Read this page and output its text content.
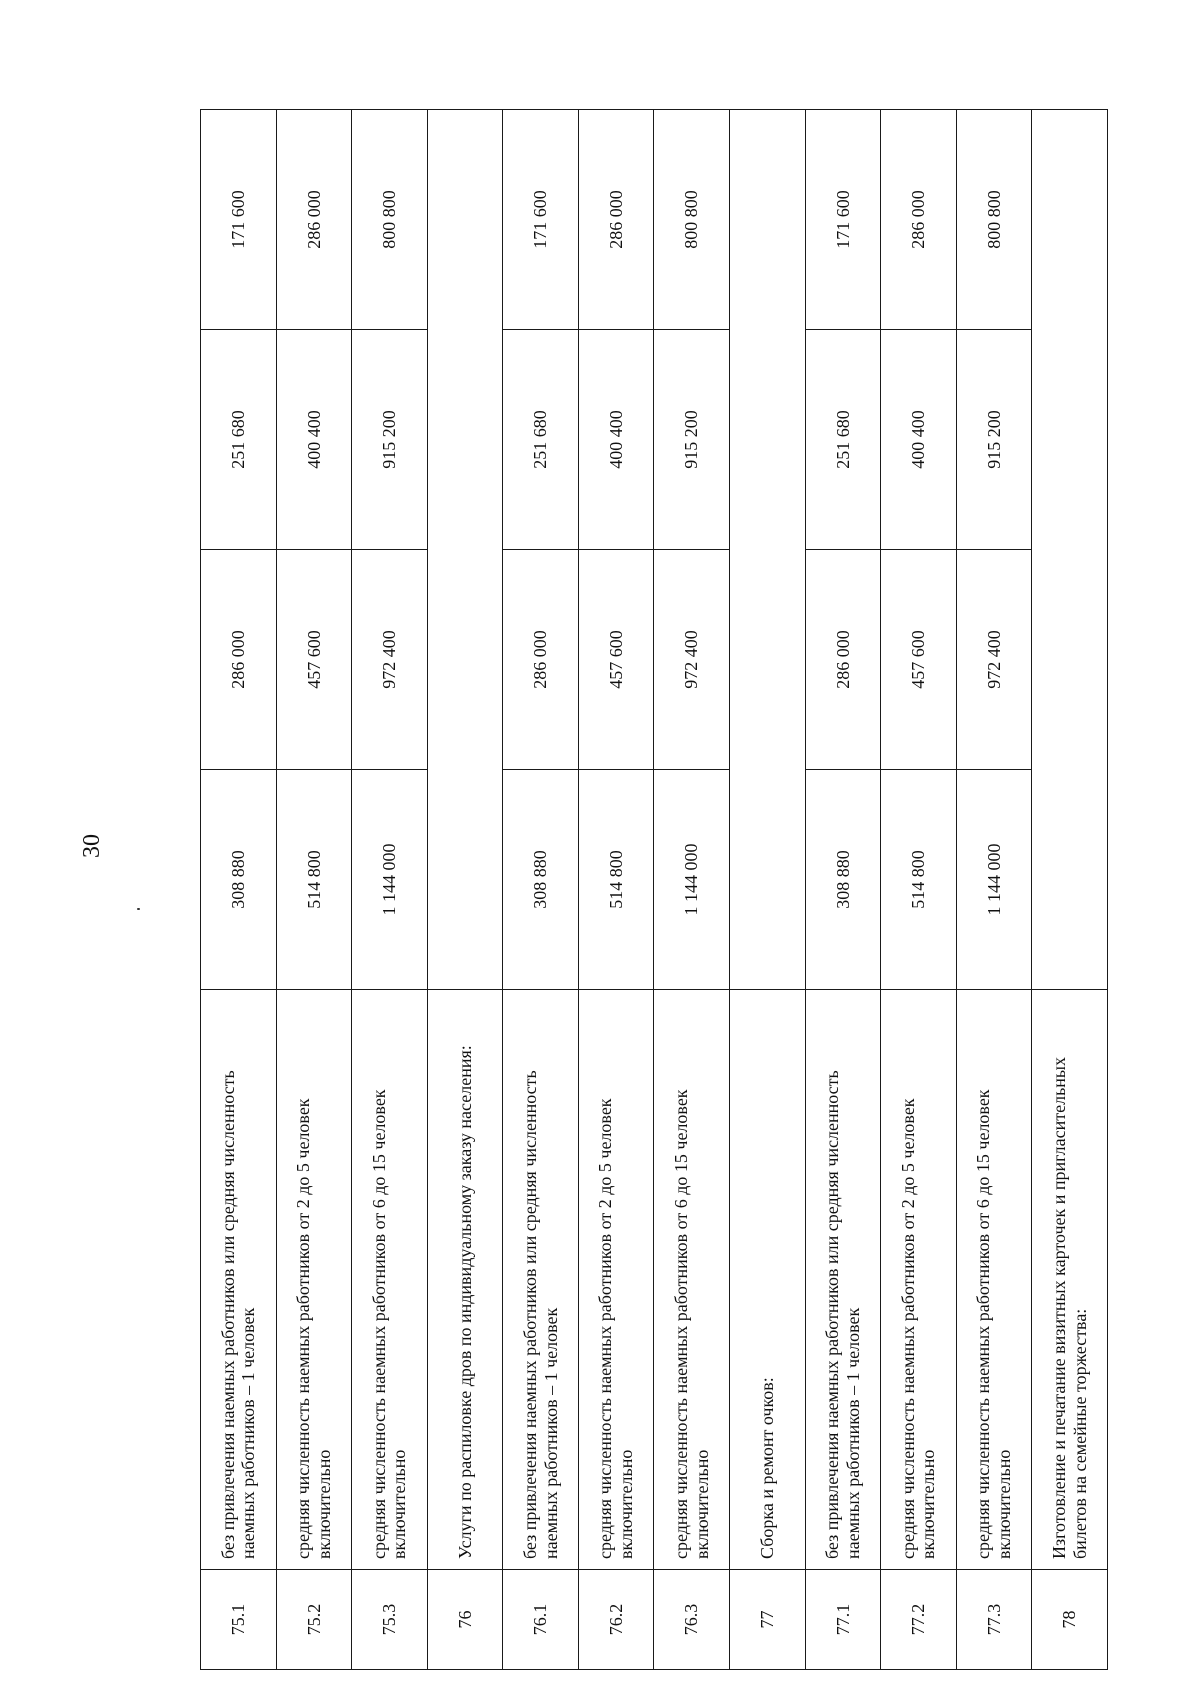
30
75.1	без привлечения наемных работников или средняя численность наемных работников – 1 человек	308 880	286 000	251 680	171 600
75.2	средняя численность наемных работников от 2 до 5 человек включительно	514 800	457 600	400 400	286 000
75.3	средняя численность наемных работников от 6 до 15 человек включительно	1 144 000	972 400	915 200	800 800
76	Услуги по распиловке дров по индивидуальному заказу населения:				
76.1	без привлечения наемных работников или средняя численность наемных работников – 1 человек	308 880	286 000	251 680	171 600
76.2	средняя численность наемных работников от 2 до 5 человек включительно	514 800	457 600	400 400	286 000
76.3	средняя численность наемных работников от 6 до 15 человек включительно	1 144 000	972 400	915 200	800 800
77	Сборка и ремонт очков:				
77.1	без привлечения наемных работников или средняя численность наемных работников – 1 человек	308 880	286 000	251 680	171 600
77.2	средняя численность наемных работников от 2 до 5 человек включительно	514 800	457 600	400 400	286 000
77.3	средняя численность наемных работников от 6 до 15 человек включительно	1 144 000	972 400	915 200	800 800
78	Изготовление и печатание визитных карточек и пригласительных билетов на семейные торжества:				
